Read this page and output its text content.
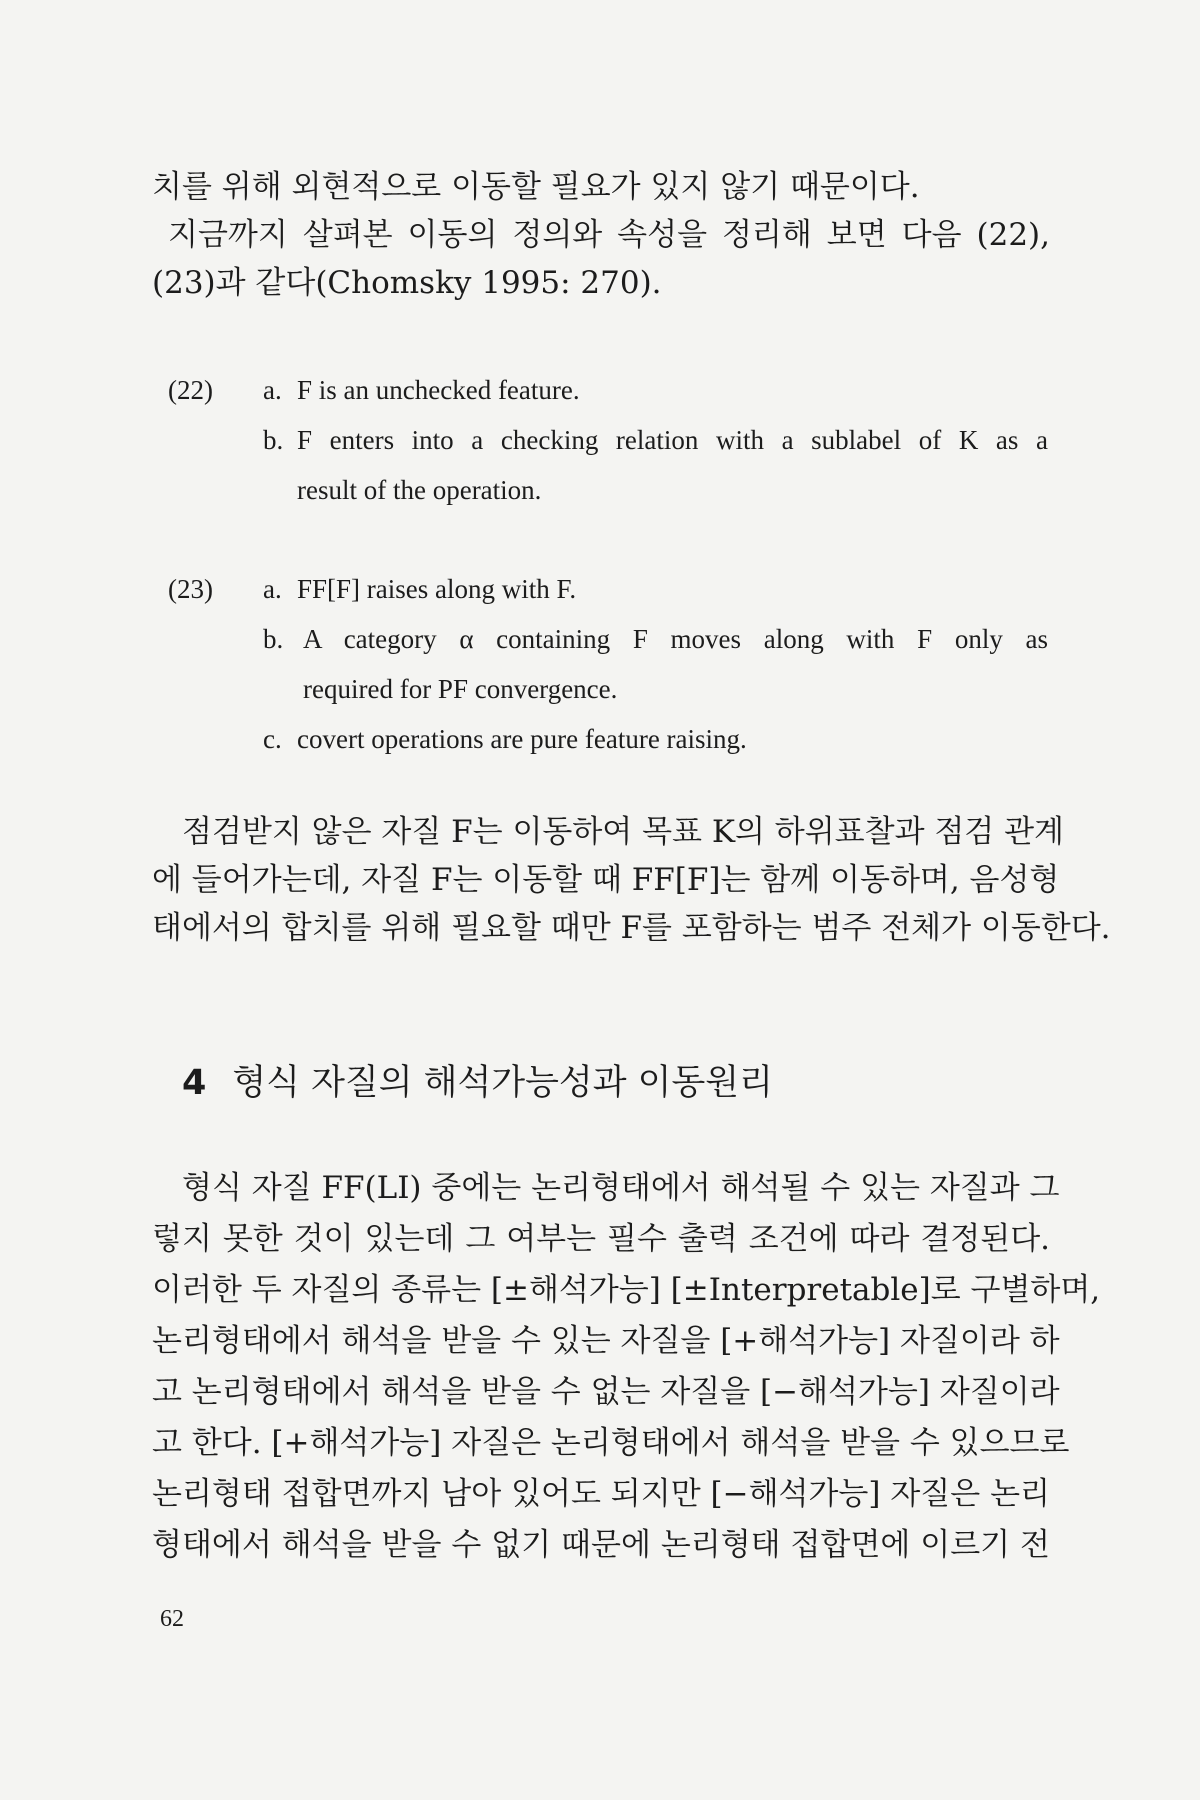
치를 위해 외현적으로 이동할 필요가 있지 않기 때문이다.
지금까지 살펴본 이동의 정의와 속성을 정리해 보면 다음 (22),
(23)과 같다(Chomsky 1995: 270).
(22) a. F is an unchecked feature.
b. F enters into a checking relation with a sublabel of K as a
result of the operation.
(23) a. FF[F] raises along with F.
b. A category α containing F moves along with F only as
required for PF convergence.
c. covert operations are pure feature raising.
점검받지 않은 자질 F는 이동하여 목표 K의 하위표찰과 점검 관계
에 들어가는데, 자질 F는 이동할 때 FF[F]는 함께 이동하며, 음성형
태에서의 합치를 위해 필요할 때만 F를 포함하는 범주 전체가 이동한다.
4 형식 자질의 해석가능성과 이동원리
형식 자질 FF(LI) 중에는 논리형태에서 해석될 수 있는 자질과 그
렇지 못한 것이 있는데 그 여부는 필수 출력 조건에 따라 결정된다.
이러한 두 자질의 종류는 [±해석가능] [±Interpretable]로 구별하며,
논리형태에서 해석을 받을 수 있는 자질을 [+해석가능] 자질이라 하
고 논리형태에서 해석을 받을 수 없는 자질을 [−해석가능] 자질이라
고 한다. [+해석가능] 자질은 논리형태에서 해석을 받을 수 있으므로
논리형태 접합면까지 남아 있어도 되지만 [−해석가능] 자질은 논리
형태에서 해석을 받을 수 없기 때문에 논리형태 접합면에 이르기 전
62
